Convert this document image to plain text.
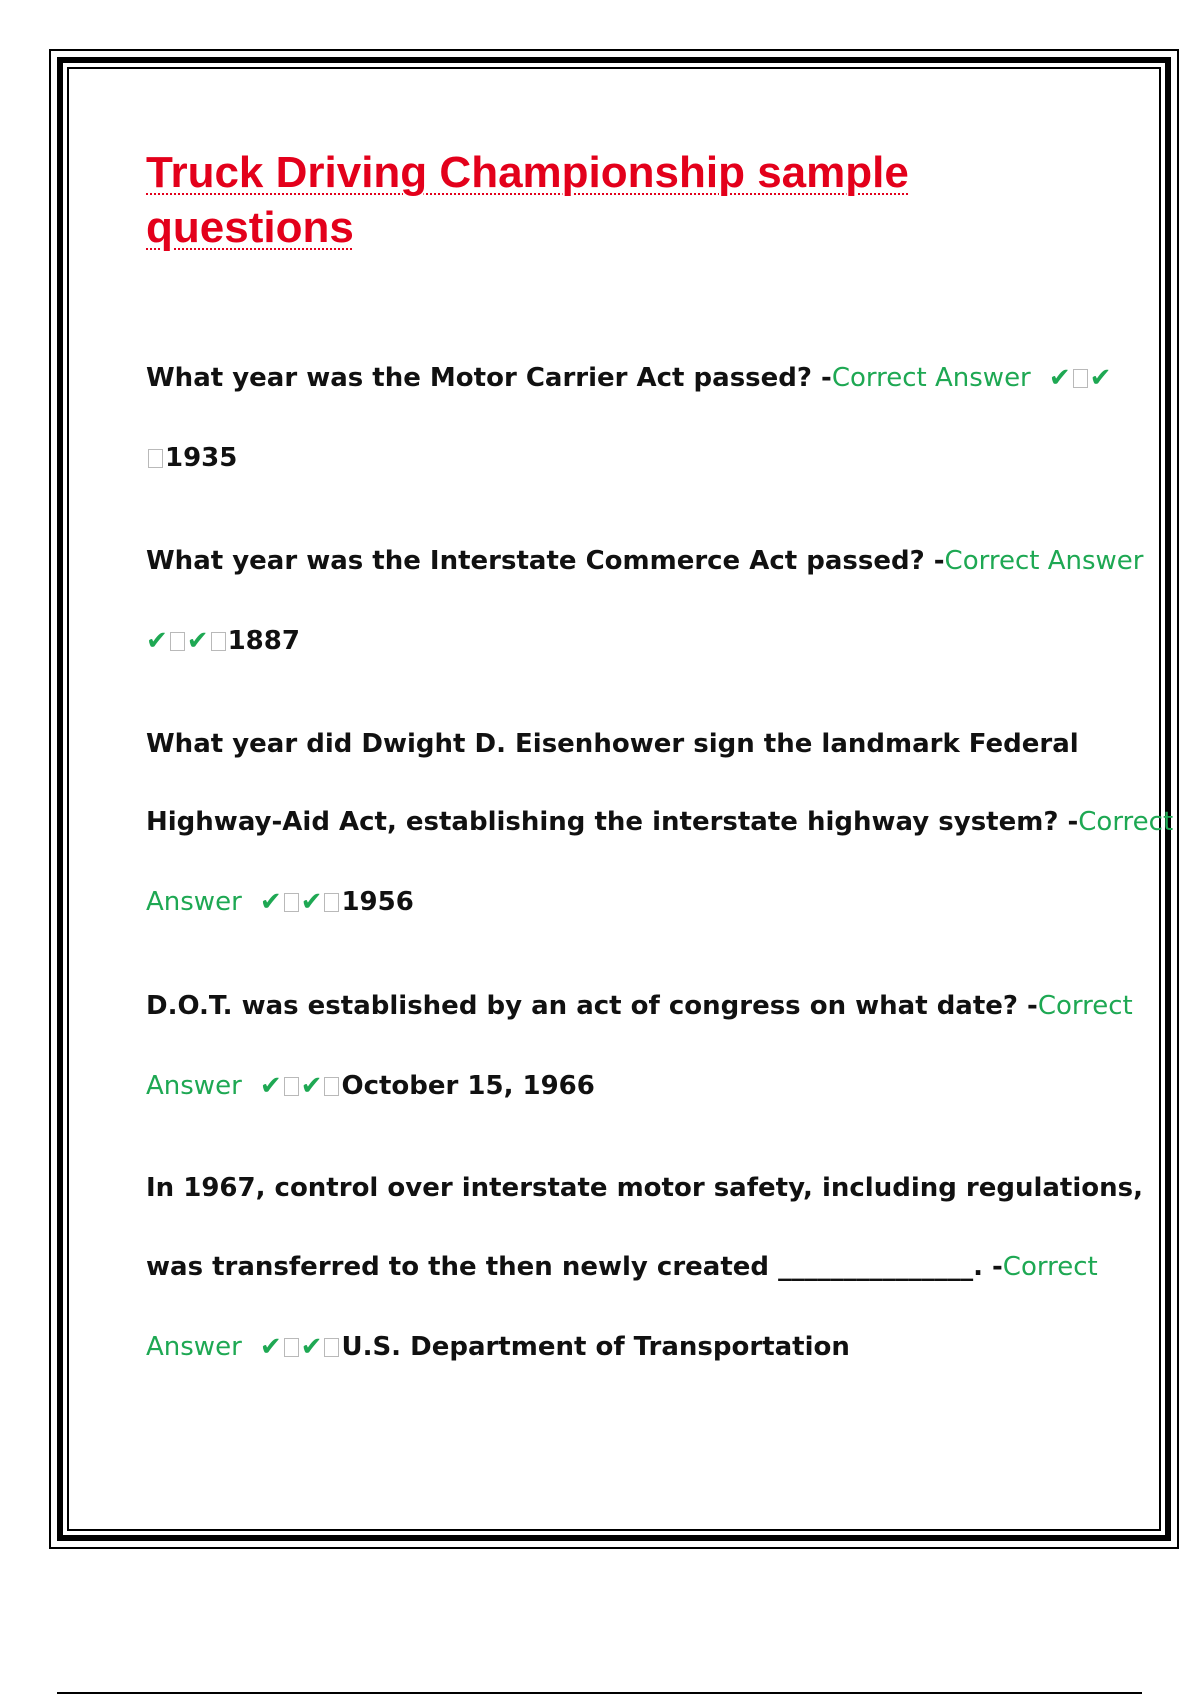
Truck Driving Championship sample questions

What year was the Motor Carrier Act passed? -Correct Answer ✔ ✔

1935

What year was the Interstate Commerce Act passed? -Correct Answer

✔ ✔ 1887

What year did Dwight D. Eisenhower sign the landmark Federal

Highway-Aid Act, establishing the interstate highway system? -Correct

Answer ✔ ✔ 1956

D.O.T. was established by an act of congress on what date? -Correct

Answer ✔ ✔ October 15, 1966

In 1967, control over interstate motor safety, including regulations,

was transferred to the then newly created _______________. -Correct

Answer ✔ ✔ U.S. Department of Transportation
